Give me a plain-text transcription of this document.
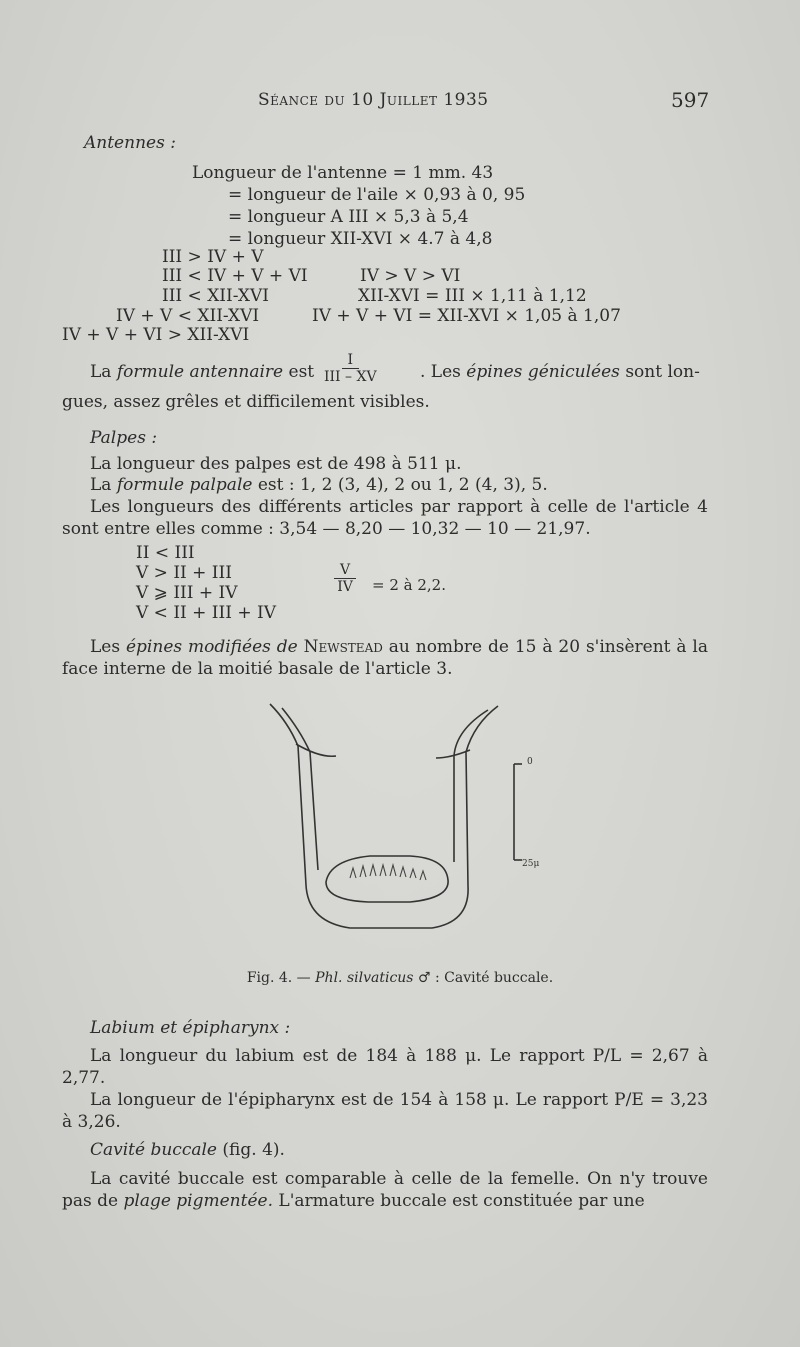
Séance du 10 Juillet 1935	597
Antennes :
Longueur de l'antenne = 1 mm. 43
= longueur de l'aile × 0,93 à 0, 95
= longueur A III × 5,3 à 5,4
= longueur XII-XVI × 4.7 à 4,8
III > IV + V
III < IV + V + VI	IV > V > VI
III < XII-XVI	XII-XVI = III × 1,11 à 1,12
IV + V < XII-XVI	IV + V + VI = XII-XVI × 1,05 à 1,07
IV + V + VI > XII-XVI
La formule antennaire est
I
III – XV	. Les épines géniculées sont lon-
gues, assez grêles et difficilement visibles.
Palpes :
La longueur des palpes est de 498 à 511 μ.
La formule palpale est : 1, 2 (3, 4), 2 ou 1, 2 (4, 3), 5.
Les longueurs des différents articles par rapport à celle de l'article 4 sont entre elles comme : 3,54 — 8,20 — 10,32 — 10 — 21,97.
II < III
V > II + III
V ⩾ III + IV
V < II + III + IV
$\frac{V}{IV} = 2$ à 2,2.
Les épines modifiées de Newstead au nombre de 15 à 20 s'insèrent à la face interne de la moitié basale de l'article 3.
0
25μ
Fig. 4. — Phl. silvaticus ♂ : Cavité buccale.
Labium et épipharynx :
La longueur du labium est de 184 à 188 μ. Le rapport P/L = 2,67 à 2,77.
La longueur de l'épipharynx est de 154 à 158 μ. Le rapport P/E = 3,23 à 3,26.
Cavité buccale (fig. 4).
La cavité buccale est comparable à celle de la femelle. On n'y trouve pas de plage pigmentée. L'armature buccale est constituée par une
